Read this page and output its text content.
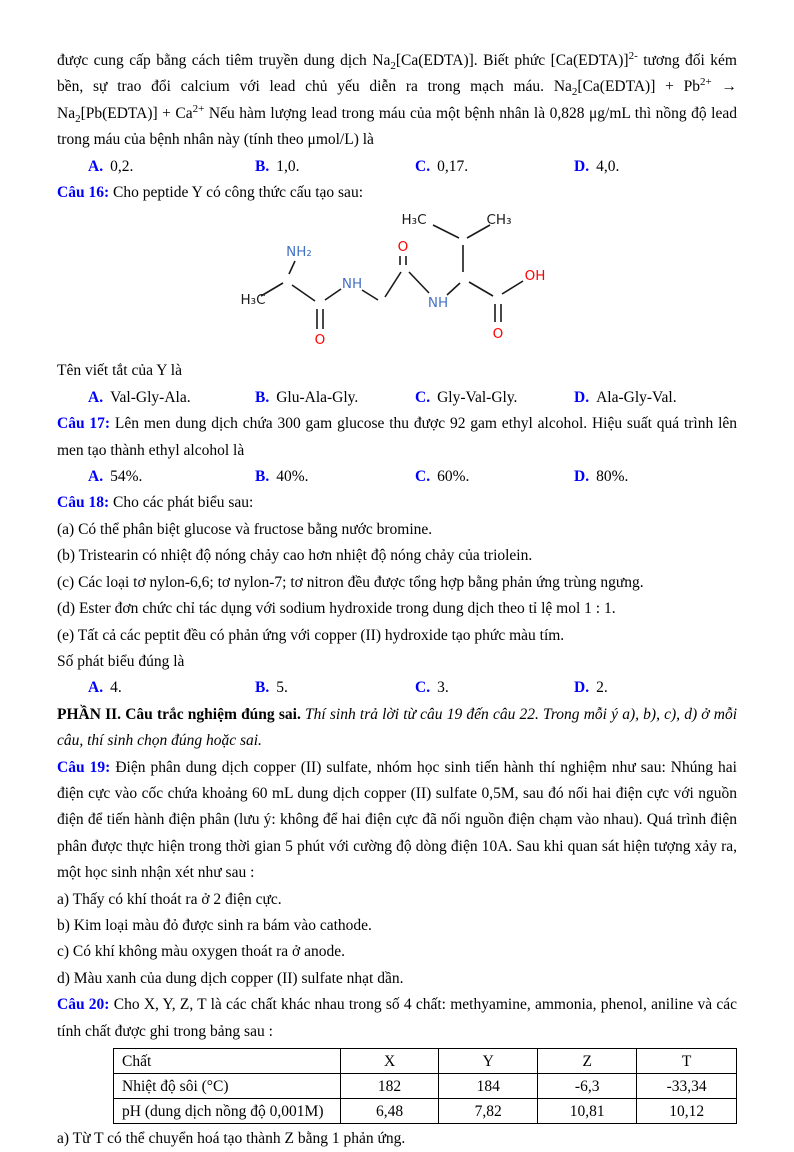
được cung cấp bằng cách tiêm truyền dung dịch $Na_2[Ca(EDTA)]$. Biết phức [Ca(EDTA)]$^{2-}$ tương đối kém bền, sự trao đổi calcium với lead chủ yếu diễn ra trong mạch máu. $Na_2[Ca(EDTA)] + Pb^{2+}$ → $Na_2[Pb(EDTA)] + Ca^{2+}$ Nếu hàm lượng lead trong máu của một bệnh nhân là 0,828 μg/mL thì nồng độ lead trong máu của bệnh nhân này (tính theo μmol/L) là

A. 0,2.	B. 1,0.	C. 0,17.	D. 4,0.

Câu 16: Cho peptide Y có công thức cấu tạo sau:

H₃C	CH₃
NH₂
H₃C
NH
O
O
NH
OH
O

Tên viết tắt của Y là

A. Val-Gly-Ala.	B. Glu-Ala-Gly.	C. Gly-Val-Gly.	D. Ala-Gly-Val.

Câu 17: Lên men dung dịch chứa 300 gam glucose thu được 92 gam ethyl alcohol. Hiệu suất quá trình lên men tạo thành ethyl alcohol là

A. 54%.	B. 40%.	C. 60%.	D. 80%.

Câu 18: Cho các phát biểu sau:

(a) Có thể phân biệt glucose và fructose bằng nước bromine.

(b) Tristearin có nhiệt độ nóng chảy cao hơn nhiệt độ nóng chảy của triolein.

(c) Các loại tơ nylon-6,6; tơ nylon-7; tơ nitron đều được tổng hợp bằng phản ứng trùng ngưng.

(d) Ester đơn chức chỉ tác dụng với sodium hydroxide trong dung dịch theo tỉ lệ mol 1 : 1.

(e) Tất cả các peptit đều có phản ứng với copper (II) hydroxide tạo phức màu tím.

Số phát biểu đúng là

A. 4.	B. 5.	C. 3.	D. 2.

PHẦN II. Câu trắc nghiệm đúng sai. Thí sinh trả lời từ câu 19 đến câu 22. Trong mỗi ý a), b), c), d) ở mỗi câu, thí sinh chọn đúng hoặc sai.

Câu 19: Điện phân dung dịch copper (II) sulfate, nhóm học sinh tiến hành thí nghiệm như sau: Nhúng hai điện cực vào cốc chứa khoảng 60 mL dung dịch copper (II) sulfate 0,5M, sau đó nối hai điện cực với nguồn điện để tiến hành điện phân (lưu ý: không để hai điện cực đã nối nguồn điện chạm vào nhau). Quá trình điện phân được thực hiện trong thời gian 5 phút với cường độ dòng điện 10A. Sau khi quan sát hiện tượng xảy ra, một học sinh nhận xét như sau :

a) Thấy có khí thoát ra ở 2 điện cực.

b) Kim loại màu đỏ được sinh ra bám vào cathode.

c) Có khí không màu oxygen thoát ra ở anode.

d) Màu xanh của dung dịch copper (II) sulfate nhạt dần.

Câu 20: Cho X, Y, Z, T là các chất khác nhau trong số 4 chất: methyamine, ammonia, phenol, aniline và các tính chất được ghi trong bảng sau :

Chất	X	Y	Z	T
Nhiệt độ sôi (°C)	182	184	-6,3	-33,34
pH (dung dịch nồng độ 0,001M)	6,48	7,82	10,81	10,12

a) Từ T có thể chuyển hoá tạo thành Z bằng 1 phản ứng.
